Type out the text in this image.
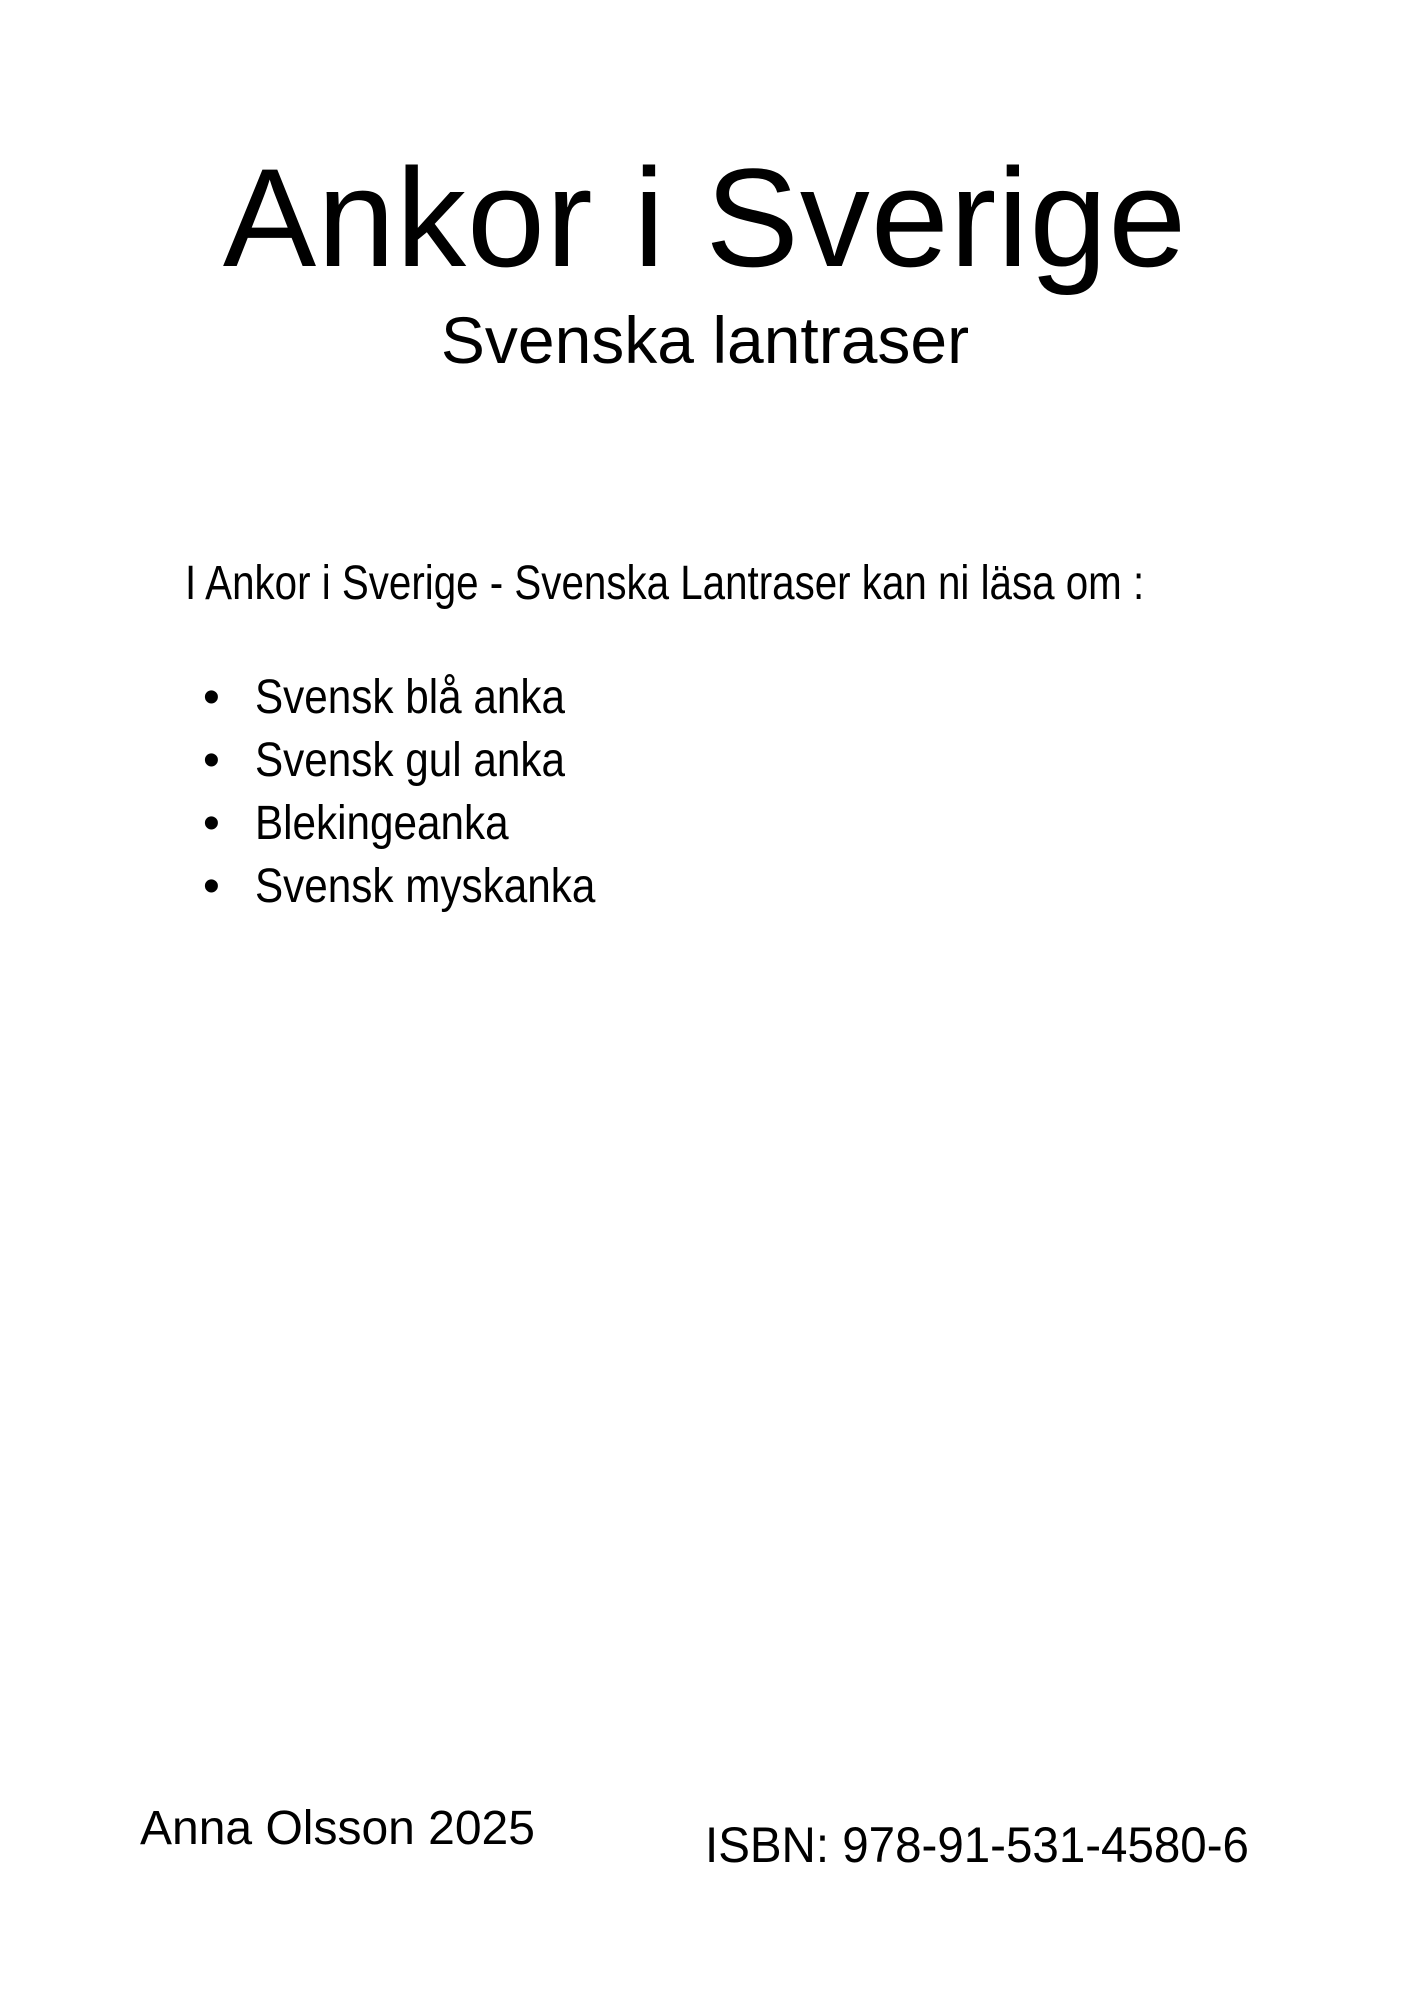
Ankor i Sverige
Svenska lantraser

I Ankor i Sverige - Svenska Lantraser kan ni läsa om :

• Svensk blå anka
• Svensk gul anka
• Blekingeanka
• Svensk myskanka
Anna Olsson 2025	ISBN: 978-91-531-4580-6
